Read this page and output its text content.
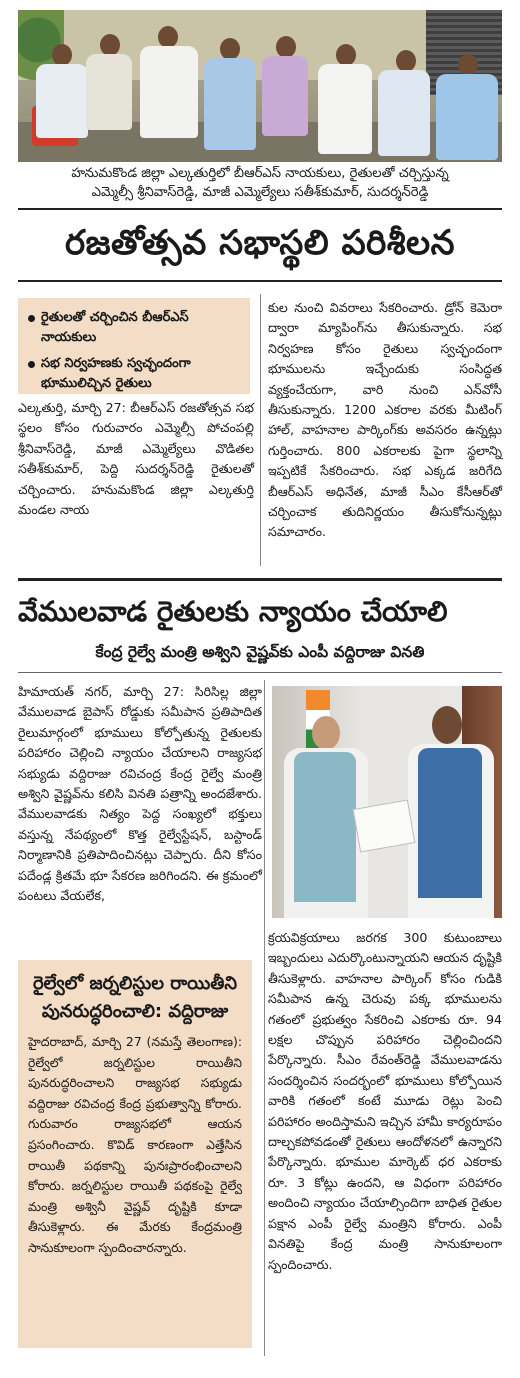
హనుమకొండ జిల్లా ఎల్కతుర్తిలో బీఆర్ఎస్ నాయకులు, రైతులతో చర్చిస్తున్న
ఎమ్మెల్సీ శ్రీనివాస్‌రెడ్డి, మాజీ ఎమ్మెల్యేలు సతీశ్‌కుమార్, సుదర్శన్‌రెడ్డి
రజతోత్సవ సభాస్థలి పరిశీలన
రైతులతో చర్చించిన బీఆర్ఎస్ నాయకులు
సభ నిర్వహణకు స్వచ్ఛందంగా భూములిచ్చిన రైతులు
ఎల్కతుర్తి, మార్చి 27: బీఆర్ఎస్ రజతోత్సవ సభ స్థలం కోసం గురువారం ఎమ్మెల్సీ పోచంపల్లి శ్రీనివాస్‌రెడ్డి, మాజీ ఎమ్మెల్యేలు వొడితల సతీశ్‌కుమార్, పెద్ది సుదర్శన్‌రెడ్డి రైతులతో చర్చించారు. హనుమకొండ జిల్లా ఎల్కతుర్తి మండల నాయ
కుల నుంచి వివరాలు సేకరించారు. డ్రోన్ కెమెరా ద్వారా మ్యాపింగ్‌ను తీసుకున్నారు. సభ నిర్వహణ కోసం రైతులు స్వచ్ఛందంగా భూములను ఇచ్చేందుకు సంసిద్ధత వ్యక్తంచేయగా, వారి నుంచి ఎన్‌వోసీ తీసుకున్నారు. 1200 ఎకరాల వరకు మీటింగ్ హాల్, వాహనాల పార్కింగ్‌కు అవసరం ఉన్నట్లు గుర్తించారు. 800 ఎకరాలకు పైగా స్థలాన్ని ఇప్పటికే సేకరించారు. సభ ఎక్కడ జరిగేది బీఆర్ఎస్ అధినేత, మాజీ సీఎం కేసీఆర్‌తో చర్చించాక తుదినిర్ణయం తీసుకోనున్నట్లు సమాచారం.
వేములవాడ రైతులకు న్యాయం చేయాలి
కేంద్ర రైల్వే మంత్రి అశ్విని వైష్ణవ్‌కు ఎంపీ వద్దిరాజు వినతి
హిమాయత్ నగర్, మార్చి 27: సిరిసిల్ల జిల్లా వేములవాడ బైపాస్ రోడ్డుకు సమీపాన ప్రతిపాదిత రైలుమార్గంలో భూములు కోల్పోతున్న రైతులకు పరిహారం చెల్లించి న్యాయం చేయాలని రాజ్యసభ సభ్యుడు వద్దిరాజు రవిచంద్ర కేంద్ర రైల్వే మంత్రి అశ్విని వైష్ణవ్‌ను కలిసి వినతి పత్రాన్ని అందజేశారు. వేములవాడకు నిత్యం పెద్ద సంఖ్యలో భక్తులు వస్తున్న నేపథ్యంలో కొత్త రైల్వేస్టేషన్, బస్టాండ్ నిర్మాణానికి ప్రతిపాదించినట్లు చెప్పారు. దీని కోసం పదేండ్ల క్రితమే భూ సేకరణ జరిగిందని. ఈ క్రమంలో పంటలు వేయలేక,
రైల్వేలో జర్నలిస్టుల రాయితీని పునరుద్ధరించాలి: వద్దిరాజు
హైదరాబాద్, మార్చి 27 (నమస్తే తెలంగాణ): రైల్వేలో జర్నలిస్టుల రాయితీని పునరుద్ధరించాలని రాజ్యసభ సభ్యుడు వద్దిరాజు రవిచంద్ర కేంద్ర ప్రభుత్వాన్ని కోరారు. గురువారం రాజ్యసభలో ఆయన ప్రసంగించారు. కొవిడ్ కారణంగా ఎత్తేసిన రాయితీ పథకాన్ని పునఃప్రారంభించాలని కోరారు. జర్నలిస్టుల రాయితీ పథకంపై రైల్వే మంత్రి అశ్వినీ వైష్ణవ్ దృష్టికి కూడా తీసుకెళ్లారు. ఈ మేరకు కేంద్రమంత్రి సానుకూలంగా స్పందించారన్నారు.
క్రయవిక్రయాలు జరగక 300 కుటుంబాలు ఇబ్బందులు ఎదుర్కొంటున్నాయని ఆయన దృష్టికి తీసుకెళ్లారు. వాహనాల పార్కింగ్ కోసం గుడికి సమీపాన ఉన్న చెరువు పక్క భూములను గతంలో ప్రభుత్వం సేకరించి ఎకరాకు రూ. 94 లక్షల చొప్పున పరిహారం చెల్లించిందని పేర్కొన్నారు. సీఎం రేవంత్‌రెడ్డి వేములవాడను సందర్శించిన సందర్భంలో భూములు కోల్పోయిన వారికి గతంలో కంటే మూడు రెట్లు పెంచి పరిహారం అందిస్తామని ఇచ్చిన హామీ కార్యరూపం దాల్చకపోవడంతో రైతులు ఆందోళనలో ఉన్నారని పేర్కొన్నారు. భూముల మార్కెట్ ధర ఎకరాకు రూ. 3 కోట్లు ఉందని, ఆ విధంగా పరిహారం అందించి న్యాయం చేయాల్సిందిగా బాధిత రైతుల పక్షాన ఎంపీ రైల్వే మంత్రిని కోరారు. ఎంపీ వినతిపై కేంద్ర మంత్రి సానుకూలంగా స్పందించారు.
